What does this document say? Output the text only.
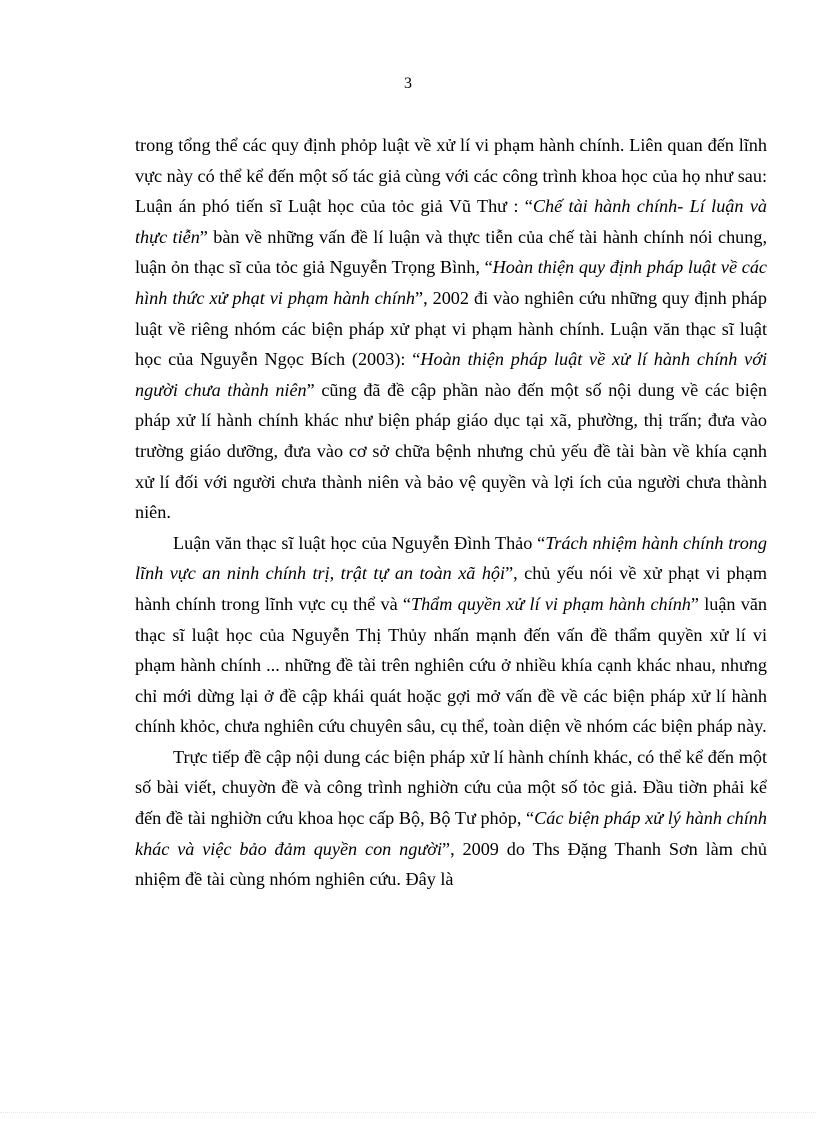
3

trong tổng thể các quy định phỏp luật về xử lí vi phạm hành chính. Liên quan đến lĩnh vực này có thể kể đến một số tác giả cùng với các công trình khoa học của họ như sau: Luận án phó tiến sĩ Luật học của tỏc giả Vũ Thư : “Chế tài hành chính- Lí luận và thực tiễn” bàn về những vấn đề lí luận và thực tiễn của chế tài hành chính nói chung, luận ỏn thạc sĩ của tỏc giả Nguyễn Trọng Bình, “Hoàn thiện quy định pháp luật về các hình thức xử phạt vi phạm hành chính”, 2002 đi vào nghiên cứu những quy định pháp luật về riêng nhóm các biện pháp xử phạt vi phạm hành chính. Luận văn thạc sĩ luật học của Nguyễn Ngọc Bích (2003): “Hoàn thiện pháp luật về xử lí hành chính với người chưa thành niên” cũng đã đề cập phần nào đến một số nội dung về các biện pháp xử lí hành chính khác như biện pháp giáo dục tại xã, phường, thị trấn; đưa vào trường giáo dưỡng, đưa vào cơ sở chữa bệnh nhưng chủ yếu đề tài bàn về khía cạnh xử lí đối với người chưa thành niên và bảo vệ quyền và lợi ích của người chưa thành niên.

Luận văn thạc sĩ luật học của Nguyễn Đình Thảo “Trách nhiệm hành chính trong lĩnh vực an ninh chính trị, trật tự an toàn xã hội”, chủ yếu nói về xử phạt vi phạm hành chính trong lĩnh vực cụ thể và “Thẩm quyền xử lí vi phạm hành chính” luận văn thạc sĩ luật học của Nguyễn Thị Thủy nhấn mạnh đến vấn đề thẩm quyền xử lí vi phạm hành chính ... những đề tài trên nghiên cứu ở nhiều khía cạnh khác nhau, nhưng chỉ mới dừng lại ở đề cập khái quát hoặc gợi mở vấn đề về các biện pháp xử lí hành chính khỏc, chưa nghiên cứu chuyên sâu, cụ thể, toàn diện về nhóm các biện pháp này.

Trực tiếp đề cập nội dung các biện pháp xử lí hành chính khác, có thể kể đến một số bài viết, chuyờn đề và công trình nghiờn cứu của một số tỏc giả. Đầu tiờn phải kể đến đề tài nghiờn cứu khoa học cấp Bộ, Bộ Tư phỏp, “Các biện pháp xử lý hành chính khác và việc bảo đảm quyền con người”, 2009 do Ths Đặng Thanh Sơn làm chủ nhiệm đề tài cùng nhóm nghiên cứu. Đây là
